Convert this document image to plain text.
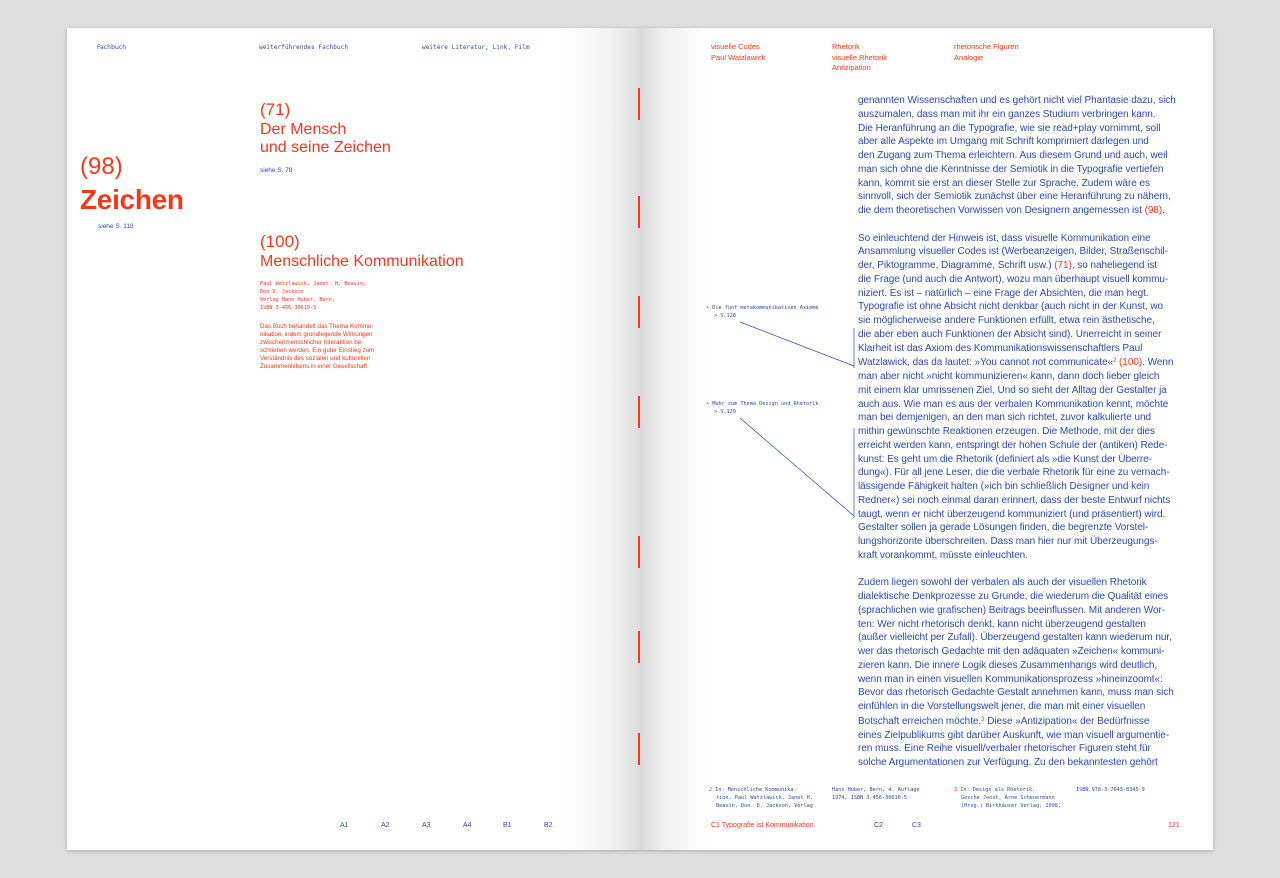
Fachbuch	weiterführendes Fachbuch	weitere Literatur, Link, Film
(98)
Zeichen
siehe S. 118
(71)
Der Mensch
und seine Zeichen
siehe S. 78
(100)
Menschliche Kommunikation
Paul Watzlawick, Janet. H. Beavin,
Don D. Jackson
Verlag Hans Huber, Bern,
ISBN 3-456-30610-5
Das Buch behandelt das Thema Kommu-
nikation, indem grundlegende Wirkungen
zwischenmenschlicher Interaktion be-
schrieben werden. Ein guter Einstieg zum
Verständnis des sozialen und kulturellen
Zusammenlebens in einer Gesellschaft.
A1	A2	A3	A4	B1	B2
visuelle Codes
Paul Watzlawick
Rhetorik
visuelle Rhetorik
Antizipation
rhetorische Figuren
Analogie
• Die fünf metakommunikativen Axiome
> S.128
• Mehr zum Thema Design und Rhetorik
> S.129
genannten Wissenschaften und es gehört nicht viel Phantasie dazu, sich
auszumalen, dass man mit ihr ein ganzes Studium verbringen kann.
Die Heranführung an die Typografie, wie sie read+play vornimmt, soll
aber alle Aspekte im Umgang mit Schrift komprimiert darlegen und
den Zugang zum Thema erleichtern. Aus diesem Grund und auch, weil
man sich ohne die Kenntnisse der Semiotik in die Typografie vertiefen
kann, kommt sie erst an dieser Stelle zur Sprache. Zudem wäre es
sinnvoll, sich der Semiotik zunächst über eine Heranführung zu nähern,
die dem theoretischen Vorwissen von Designern angemessen ist (98).
So einleuchtend der Hinweis ist, dass visuelle Kommunikation eine
Ansammlung visueller Codes ist (Werbeanzeigen, Bilder, Straßenschil-
der, Piktogramme, Diagramme, Schrift usw.) (71), so naheliegend ist
die Frage (und auch die Antwort), wozu man überhaupt visuell kommu-
niziert. Es ist – natürlich – eine Frage der Absichten, die man hegt.
Typografie ist ohne Absicht nicht denkbar (auch nicht in der Kunst, wo
sie möglicherweise andere Funktionen erfüllt, etwa rein ästhetische,
die aber eben auch Funktionen der Absicht sind). Unerreicht in seiner
Klarheit ist das Axiom des Kommunikationswissenschaftlers Paul
Watzlawick, das da lautet: »You cannot not communicate«$^2$ (100). Wenn
man aber nicht »nicht kommunizieren« kann, dann doch lieber gleich
mit einem klar umrissenen Ziel. Und so sieht der Alltag der Gestalter ja
auch aus. Wie man es aus der verbalen Kommunikation kennt, möchte
man bei demjenigen, an den man sich richtet, zuvor kalkulierte und
mithin gewünschte Reaktionen erzeugen. Die Methode, mit der dies
erreicht werden kann, entspringt der hohen Schule der (antiken) Rede-
kunst: Es geht um die Rhetorik (definiert als »die Kunst der Überre-
dung«). Für all jene Leser, die die verbale Rhetorik für eine zu vernach-
lässigende Fähigkeit halten (»ich bin schließlich Designer und kein
Redner«) sei noch einmal daran erinnert, dass der beste Entwurf nichts
taugt, wenn er nicht überzeugend kommuniziert (und präsentiert) wird.
Gestalter sollen ja gerade Lösungen finden, die begrenzte Vorstel-
lungshorizonte überschreiten. Dass man hier nur mit Überzeugungs-
kraft vorankommt, müsste einleuchten.
Zudem liegen sowohl der verbalen als auch der visuellen Rhetorik
dialektische Denkprozesse zu Grunde, die wiederum die Qualität eines
(sprachlichen wie grafischen) Beitrags beeinflussen. Mit anderen Wor-
ten: Wer nicht rhetorisch denkt, kann nicht überzeugend gestalten
(außer vielleicht per Zufall). Überzeugend gestalten kann wiederum nur,
wer das rhetorisch Gedachte mit den adäquaten »Zeichen« kommuni-
zieren kann. Die innere Logik dieses Zusammenhangs wird deutlich,
wenn man in einen visuellen Kommunikationsprozess »hineinzoomt«:
Bevor das rhetorisch Gedachte Gestalt annehmen kann, muss man sich
einfühlen in die Vorstellungswelt jener, die man mit einer visuellen
Botschaft erreichen möchte.$^3$ Diese »Antizipation« der Bedürfnisse
eines Zielpublikums gibt darüber Auskunft, wie man visuell argumentie-
ren muss. Eine Reihe visuell/verbaler rhetorischer Figuren steht für
solche Argumentationen zur Verfügung. Zu den bekanntesten gehört
2 In: Menschliche Kommunika-
tion, Paul Watzlawick, Janet H.
Beavin, Don. D. Jackson, Verlag
Hans Huber, Bern, 4. Auflage
1974, ISBN 3-456-30610-5
3 In: Design als Rhetorik.
Gesche Joost, Arne Scheuermann
(Hrsg.) Birkhäuser Verlag, 2008,
ISBN 978-3-7643-8345-9
C1 Typografie ist Kommunikation.	C2	C3	121
